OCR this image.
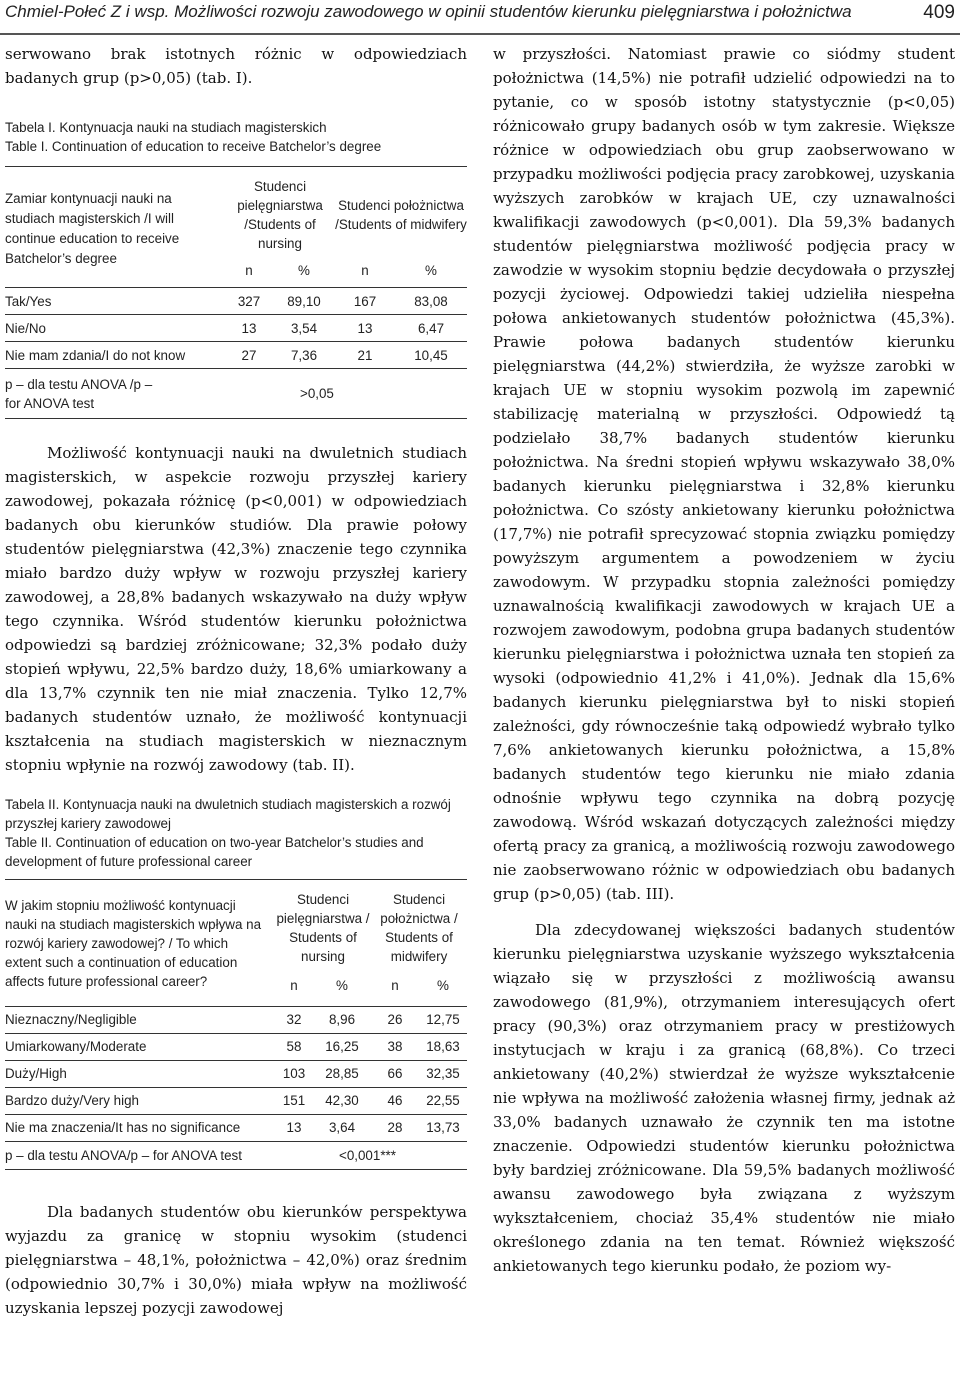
Chmiel-Połeć Z i wsp. Możliwości rozwoju zawodowego w opinii studentów kierunku pielęgniarstwa i położnictwa	409

serwowano brak istotnych różnic w odpowiedziach badanych grup (p>0,05) (tab. I).

Tabela I. Kontynuacja nauki na studiach magisterskich
Table I. Continuation of education to receive Batchelor’s degree
Zamiar kontynuacji nauki na studiach magisterskich /I will continue education to receive Batchelor’s degree	Studenci pielęgniarstwa /Students of nursing		Studenci położnictwa /Students of midwifery	
	n	%	n	%
Tak/Yes	327	89,10	167	83,08
Nie/No	13	3,54	13	6,47
Nie mam zdania/I do not know	27	7,36	21	10,45
p – dla testu ANOVA /p – for ANOVA test	>0,05			

Możliwość kontynuacji nauki na dwuletnich studiach magisterskich, w aspekcie rozwoju przyszłej kariery zawodowej, pokazała różnicę (p<0,001) w odpowiedziach badanych obu kierunków studiów. Dla prawie połowy studentów pielęgniarstwa (42,3%) znaczenie tego czynnika miało bardzo duży wpływ w rozwoju przyszłej kariery zawodowej, a 28,8% badanych wskazywało na duży wpływ tego czynnika. Wśród studentów kierunku położnictwa odpowiedzi są bardziej zróżnicowane; 32,3% podało duży stopień wpływu, 22,5% bardzo duży, 18,6% umiarkowany a dla 13,7% czynnik ten nie miał znaczenia. Tylko 12,7% badanych studentów uznało, że możliwość kontynuacji kształcenia na studiach magisterskich w nieznacznym stopniu wpłynie na rozwój zawodowy (tab. II).

Tabela II. Kontynuacja nauki na dwuletnich studiach magisterskich a rozwój przyszłej kariery zawodowej
Table II. Continuation of education on two-year Batchelor’s studies and development of future professional career
W jakim stopniu możliwość kontynuacji nauki na studiach magisterskich wpływa na rozwój kariery zawodowej? / To which extent such a continuation of education affects future professional career?	Studenci pielęgniarstwa / Students of nursing		Studenci położnictwa / Students of midwifery	
	n	%	n	%
Nieznaczny/Negligible	32	8,96	26	12,75
Umiarkowany/Moderate	58	16,25	38	18,63
Duży/High	103	28,85	66	32,35
Bardzo duży/Very high	151	42,30	46	22,55
Nie ma znaczenia/It has no significance	13	3,64	28	13,73
p – dla testu ANOVA/p – for ANOVA test	<0,001***			

Dla badanych studentów obu kierunków perspektywa wyjazdu za granicę w stopniu wysokim (studenci pielęgniarstwa – 48,1%, położnictwa – 42,0%) oraz średnim (odpowiednio 30,7% i 30,0%) miała wpływ na możliwość uzyskania lepszej pozycji zawodowej

w przyszłości. Natomiast prawie co siódmy student położnictwa (14,5%) nie potrafił udzielić odpowiedzi na to pytanie, co w sposób istotny statystycznie (p<0,05) różnicowało grupy badanych osób w tym zakresie. Większe różnice w odpowiedziach obu grup zaobserwowano w przypadku możliwości podjęcia pracy zarobkowej, uzyskania wyższych zarobków w krajach UE, czy uznawalności kwalifikacji zawodowych (p<0,001). Dla 59,3% badanych studentów pielęgniarstwa możliwość podjęcia pracy w zawodzie w wysokim stopniu będzie decydowała o przyszłej pozycji życiowej. Odpowiedzi takiej udzieliła niespełna połowa ankietowanych studentów położnictwa (45,3%). Prawie połowa badanych studentów kierunku pielęgniarstwa (44,2%) stwierdziła, że wyższe zarobki w krajach UE w stopniu wysokim pozwolą im zapewnić stabilizację materialną w przyszłości. Odpowiedź tą podzielało 38,7% badanych studentów kierunku położnictwa. Na średni stopień wpływu wskazywało 38,0% badanych kierunku pielęgniarstwa i 32,8% kierunku położnictwa. Co szósty ankietowany kierunku położnictwa (17,7%) nie potrafił sprecyzować stopnia związku pomiędzy powyższym argumentem a powodzeniem w życiu zawodowym. W przypadku stopnia zależności pomiędzy uznawalnością kwalifikacji zawodowych w krajach UE a rozwojem zawodowym, podobna grupa badanych studentów kierunku pielęgniarstwa i położnictwa uznała ten stopień za wysoki (odpowiednio 41,2% i 41,0%). Jednak dla 15,6% badanych kierunku pielęgniarstwa był to niski stopień zależności, gdy równocześnie taką odpowiedź wybrało tylko 7,6% ankietowanych kierunku położnictwa, a 15,8% badanych studentów tego kierunku nie miało zdania odnośnie wpływu tego czynnika na dobrą pozycję zawodową. Wśród wskazań dotyczących zależności między ofertą pracy za granicą, a możliwością rozwoju zawodowego nie zaobserwowano różnic w odpowiedziach obu badanych grup (p>0,05) (tab. III).

Dla zdecydowanej większości badanych studentów kierunku pielęgniarstwa uzyskanie wyższego wykształcenia wiązało się w przyszłości z możliwością awansu zawodowego (81,9%), otrzymaniem interesujących ofert pracy (90,3%) oraz otrzymaniem pracy w prestiżowych instytucjach w kraju i za granicą (68,8%). Co trzeci ankietowany (40,2%) stwierdzał że wyższe wykształcenie nie wpływa na możliwość założenia własnej firmy, jednak aż 33,0% badanych uznawało że czynnik ten ma istotne znaczenie. Odpowiedzi studentów kierunku położnictwa były bardziej zróżnicowane. Dla 59,5% badanych możliwość awansu zawodowego była związana z wyższym wykształceniem, chociaż 35,4% studentów nie miało określonego zdania na ten temat. Również większość ankietowanych tego kierunku podało, że poziom wy-
